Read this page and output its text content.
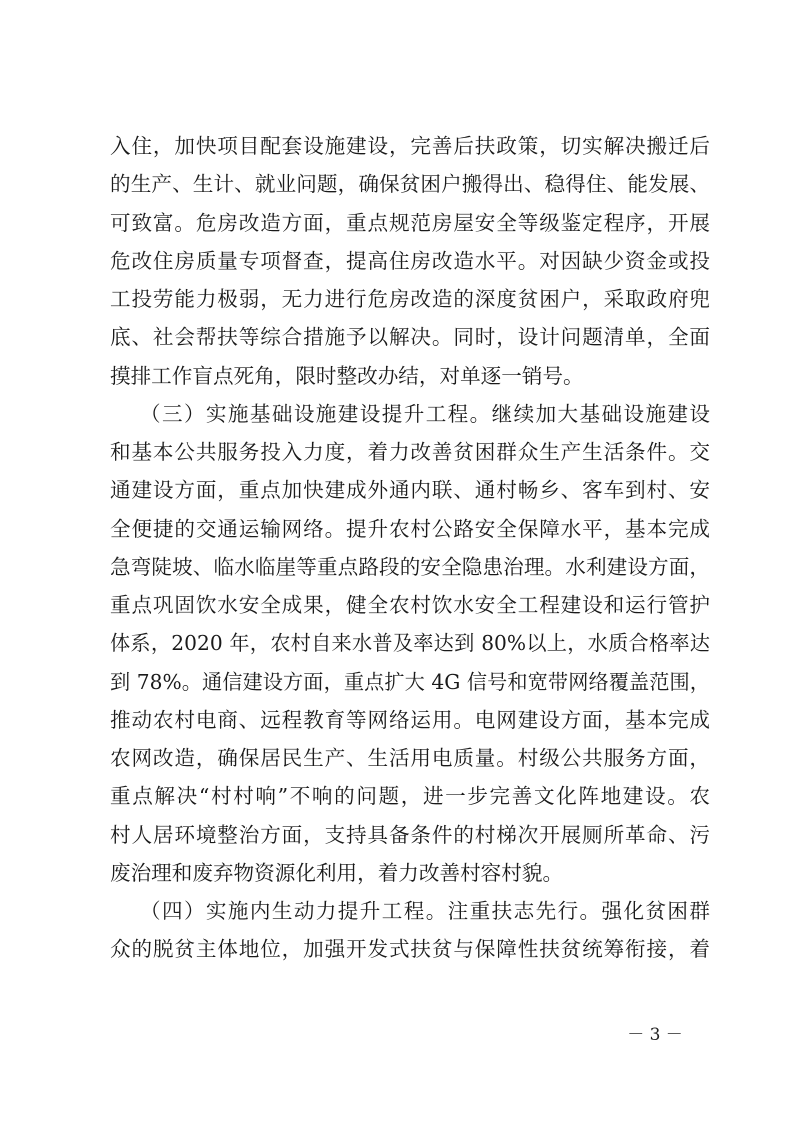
入住，加快项目配套设施建设，完善后扶政策，切实解决搬迁后
的生产、生计、就业问题，确保贫困户搬得出、稳得住、能发展、
可致富。危房改造方面，重点规范房屋安全等级鉴定程序，开展
危改住房质量专项督查，提高住房改造水平。对因缺少资金或投
工投劳能力极弱，无力进行危房改造的深度贫困户，采取政府兜
底、社会帮扶等综合措施予以解决。同时，设计问题清单，全面
摸排工作盲点死角，限时整改办结，对单逐一销号。
（三）实施基础设施建设提升工程。继续加大基础设施建设
和基本公共服务投入力度，着力改善贫困群众生产生活条件。交
通建设方面，重点加快建成外通内联、通村畅乡、客车到村、安
全便捷的交通运输网络。提升农村公路安全保障水平，基本完成
急弯陡坡、临水临崖等重点路段的安全隐患治理。水利建设方面，
重点巩固饮水安全成果，健全农村饮水安全工程建设和运行管护
体系，2020 年，农村自来水普及率达到 80%以上，水质合格率达
到 78%。通信建设方面，重点扩大 4G 信号和宽带网络覆盖范围，
推动农村电商、远程教育等网络运用。电网建设方面，基本完成
农网改造，确保居民生产、生活用电质量。村级公共服务方面，
重点解决“村村响”不响的问题，进一步完善文化阵地建设。农
村人居环境整治方面，支持具备条件的村梯次开展厕所革命、污
废治理和废弃物资源化利用，着力改善村容村貌。
（四）实施内生动力提升工程。注重扶志先行。强化贫困群
众的脱贫主体地位，加强开发式扶贫与保障性扶贫统筹衔接，着
－ 3 －
